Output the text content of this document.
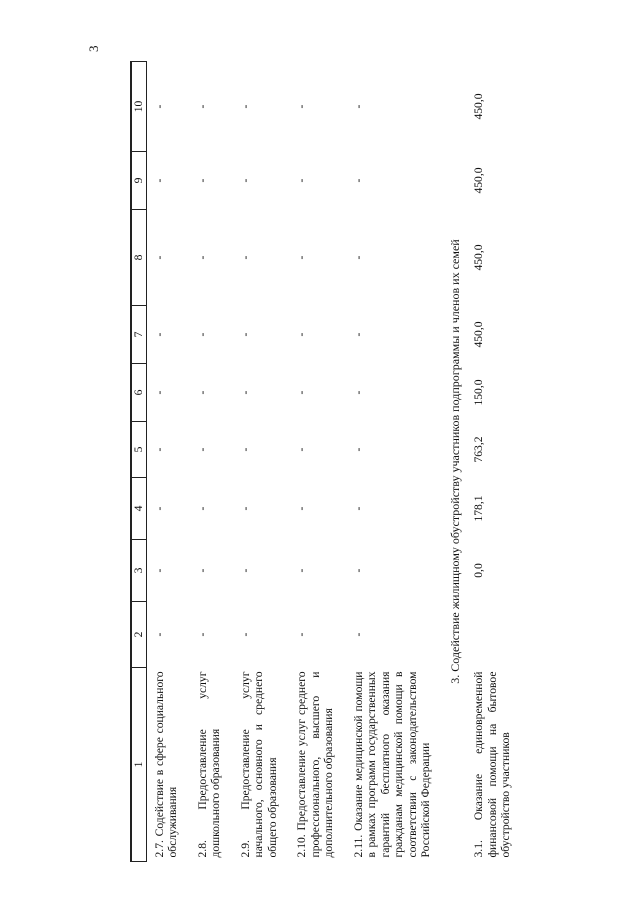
3
1	2	3	4	5	6	7	8	9	10
2.7. Содействие в сфере социального обслуживания	-	-	-	-	-	-	-	-	-
2.8. Предоставление услуг дошкольного образования	-	-	-	-	-	-	-	-	-
2.9. Предоставление услуг начального, основного и среднего общего образования	-	-	-	-	-	-	-	-	-
2.10. Предоставление услуг среднего профессионального, высшего и дополнительного образования	-	-	-	-	-	-	-	-	-
2.11. Оказание медицинской помощи в рамках программ государственных гарантий бесплатного оказания гражданам медицинской помощи в соответствии с законодательством Российской Федерации	-	-	-	-	-	-	-	-	-
3. Содействие жилищному обустройству участников подпрограммы и членов их семей									
3.1. Оказание единовременной финансовой помощи на бытовое обустройство участников		0,0	178,1	763,2	150,0	450,0	450,0	450,0	450,0
